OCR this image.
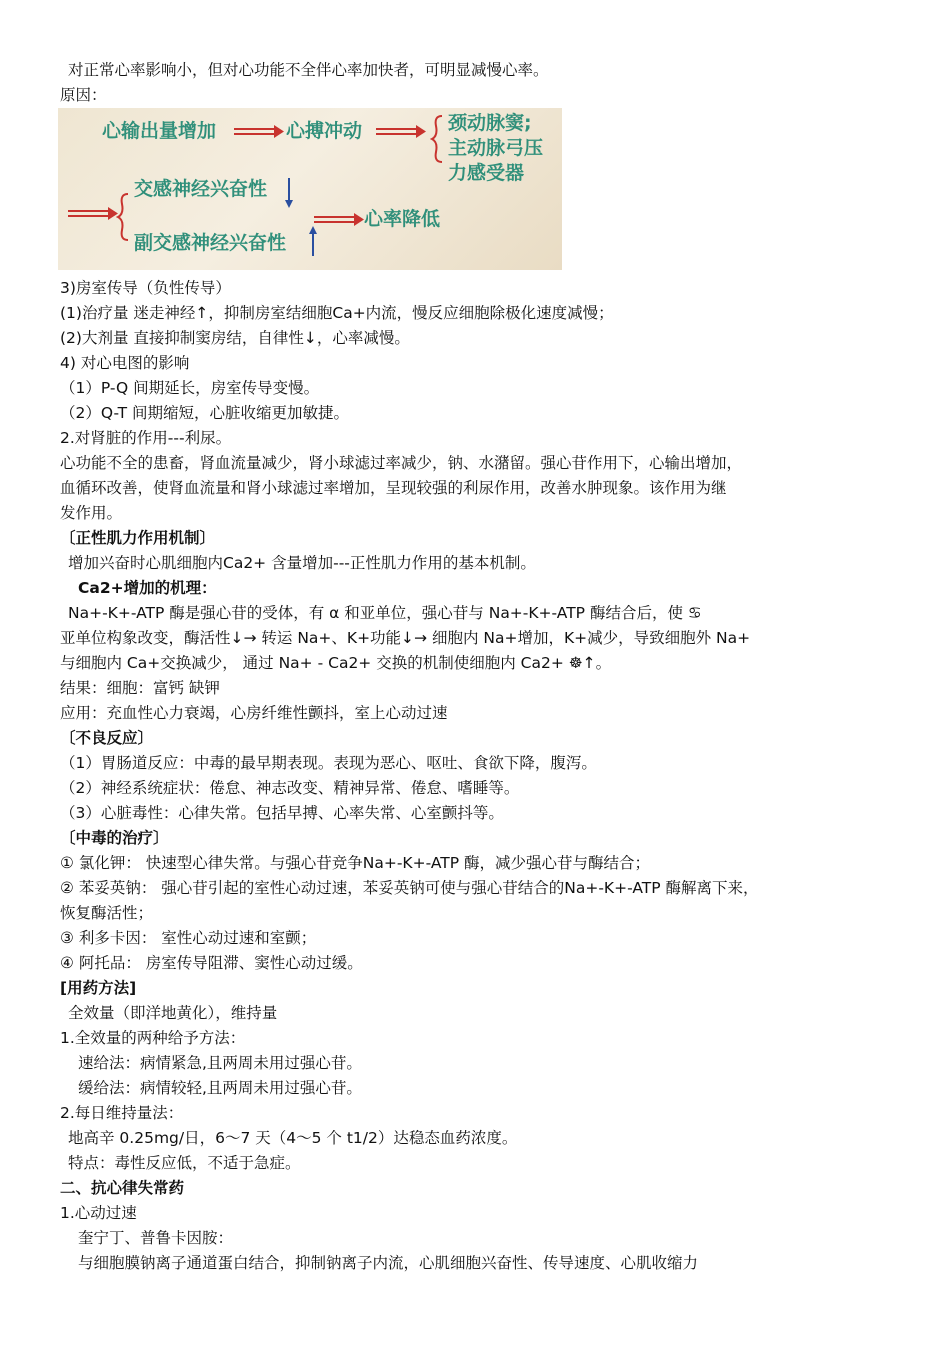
对正常心率影响小，但对心功能不全伴心率加快者，可明显减慢心率。
原因：
心输出量增加	心搏冲动	颈动脉窦;
主动脉弓压
力感受器
交感神经兴奋性
副交感神经兴奋性
心率降低
3)房室传导（负性传导）
(1)治疗量 迷走神经↑，抑制房室结细胞Ca+内流，慢反应细胞除极化速度减慢；
(2)大剂量 直接抑制窦房结，自律性↓，心率减慢。
4) 对心电图的影响
（1）P-Q 间期延长，房室传导变慢。
（2）Q-T 间期缩短，心脏收缩更加敏捷。
2.对肾脏的作用---利尿。
心功能不全的患畜，肾血流量减少，肾小球滤过率减少，钠、水潴留。强心苷作用下，心输出增加，
血循环改善，使肾血流量和肾小球滤过率增加，呈现较强的利尿作用，改善水肿现象。该作用为继
发作用。
〔正性肌力作用机制〕
增加兴奋时心肌细胞内Ca2+ 含量增加---正性肌力作用的基本机制。
Ca2+增加的机理：
Na+-K+-ATP 酶是强心苷的受体，有 α 和亚单位，强心苷与 Na+-K+-ATP 酶结合后，使 ♋
亚单位构象改变，酶活性↓→ 转运 Na+、K+功能↓→ 细胞内 Na+增加，K+减少，导致细胞外 Na+
与细胞内 Ca+交换减少， 通过 Na+ - Ca2+ 交换的机制使细胞内 Ca2+ ☸↑。
结果：细胞：富钙 缺钾
应用：充血性心力衰竭，心房纤维性颤抖，室上心动过速
〔不良反应〕
（1）胃肠道反应：中毒的最早期表现。表现为恶心、呕吐、食欲下降，腹泻。
（2）神经系统症状：倦怠、神志改变、精神异常、倦怠、嗜睡等。
（3）心脏毒性：心律失常。包括早搏、心率失常、心室颤抖等。
〔中毒的治疗〕
① 氯化钾： 快速型心律失常。与强心苷竞争Na+-K+-ATP 酶，减少强心苷与酶结合；
② 苯妥英钠： 强心苷引起的室性心动过速，苯妥英钠可使与强心苷结合的Na+-K+-ATP 酶解离下来，
恢复酶活性；
③ 利多卡因： 室性心动过速和室颤；
④ 阿托品： 房室传导阻滞、窦性心动过缓。
[用药方法]
全效量（即洋地黄化），维持量
1.全效量的两种给予方法：
速给法：病情紧急,且两周未用过强心苷。
缓给法：病情较轻,且两周未用过强心苷。
2.每日维持量法：
地高辛 0.25mg/日，6～7 天（4～5 个 t1/2）达稳态血药浓度。
特点：毒性反应低，不适于急症。
二、抗心律失常药
1.心动过速
奎宁丁、普鲁卡因胺：
与细胞膜钠离子通道蛋白结合，抑制钠离子内流，心肌细胞兴奋性、传导速度、心肌收缩力
